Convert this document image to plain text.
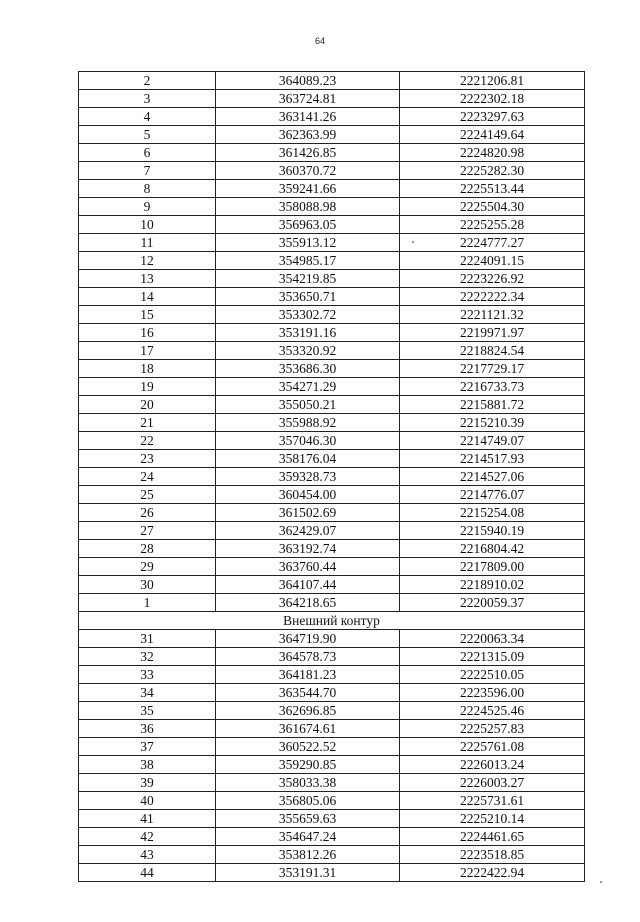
64
2	364089.23	2221206.81
3	363724.81	2222302.18
4	363141.26	2223297.63
5	362363.99	2224149.64
6	361426.85	2224820.98
7	360370.72	2225282.30
8	359241.66	2225513.44
9	358088.98	2225504.30
10	356963.05	2225255.28
11	355913.12	2224777.27
12	354985.17	2224091.15
13	354219.85	2223226.92
14	353650.71	2222222.34
15	353302.72	2221121.32
16	353191.16	2219971.97
17	353320.92	2218824.54
18	353686.30	2217729.17
19	354271.29	2216733.73
20	355050.21	2215881.72
21	355988.92	2215210.39
22	357046.30	2214749.07
23	358176.04	2214517.93
24	359328.73	2214527.06
25	360454.00	2214776.07
26	361502.69	2215254.08
27	362429.07	2215940.19
28	363192.74	2216804.42
29	363760.44	2217809.00
30	364107.44	2218910.02
1	364218.65	2220059.37
Внешний контур		
31	364719.90	2220063.34
32	364578.73	2221315.09
33	364181.23	2222510.05
34	363544.70	2223596.00
35	362696.85	2224525.46
36	361674.61	2225257.83
37	360522.52	2225761.08
38	359290.85	2226013.24
39	358033.38	2226003.27
40	356805.06	2225731.61
41	355659.63	2225210.14
42	354647.24	2224461.65
43	353812.26	2223518.85
44	353191.31	2222422.94
